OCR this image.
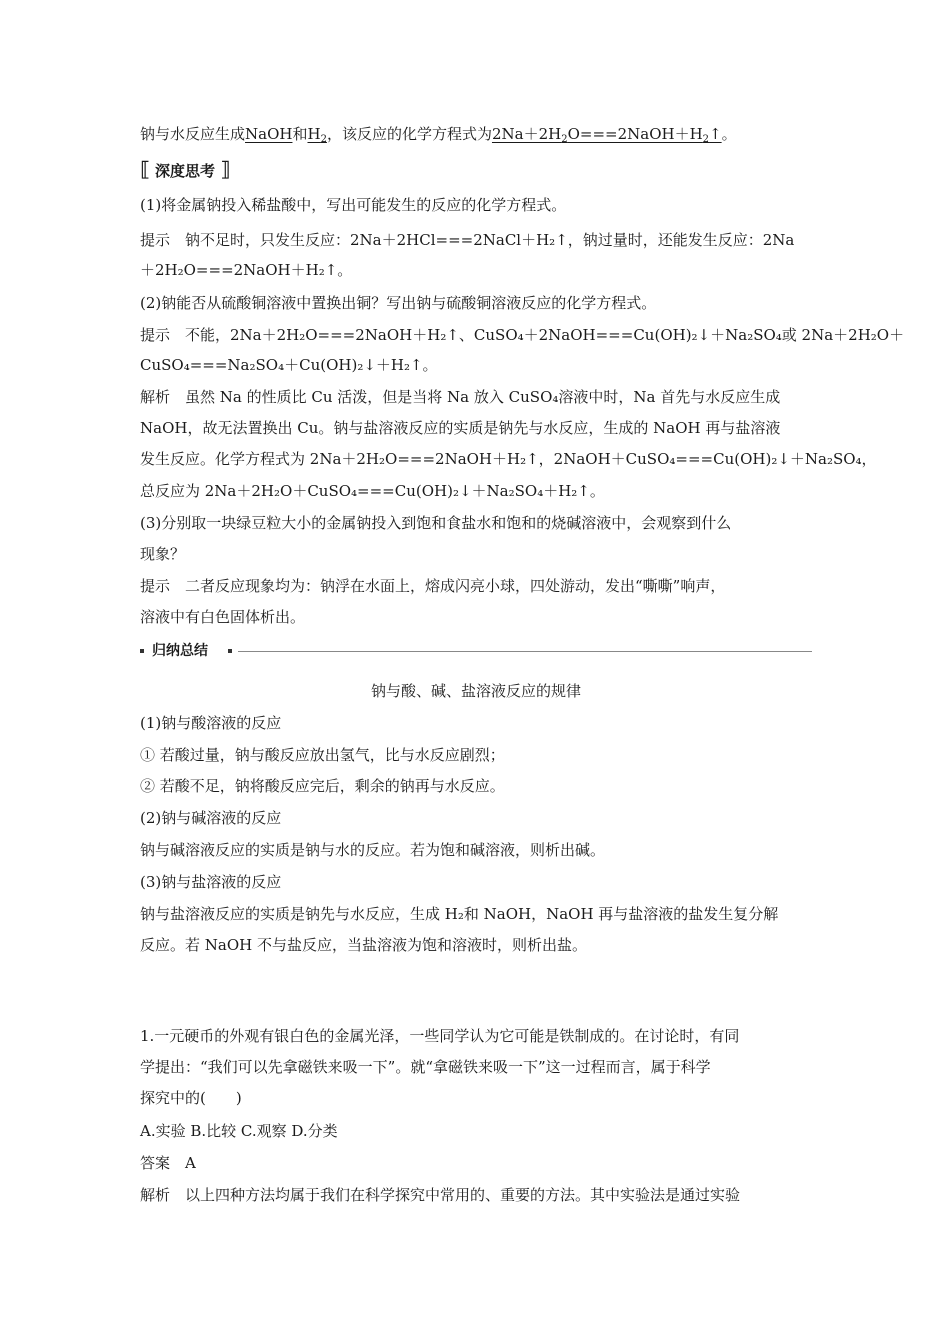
钠与水反应生成NaOH和$H_2$，该反应的化学方程式为$2Na+2H_2O===2NaOH+H_2↑$。
⟦ 深度思考 ⟧
(1)将金属钠投入稀盐酸中，写出可能发生的反应的化学方程式。
提示　钠不足时，只发生反应：2Na＋2HCl===2NaCl＋H₂↑，钠过量时，还能发生反应：2Na
＋2H₂O===2NaOH＋H₂↑。
(2)钠能否从硫酸铜溶液中置换出铜？写出钠与硫酸铜溶液反应的化学方程式。
提示　不能，2Na＋2H₂O===2NaOH＋H₂↑、CuSO₄＋2NaOH===Cu(OH)₂↓＋Na₂SO₄或 2Na＋2H₂O＋
CuSO₄===Na₂SO₄＋Cu(OH)₂↓＋H₂↑。
解析　虽然 Na 的性质比 Cu 活泼，但是当将 Na 放入 CuSO₄溶液中时，Na 首先与水反应生成
NaOH，故无法置换出 Cu。钠与盐溶液反应的实质是钠先与水反应，生成的 NaOH 再与盐溶液
发生反应。化学方程式为 2Na＋2H₂O===2NaOH＋H₂↑，2NaOH＋CuSO₄===Cu(OH)₂↓＋Na₂SO₄，
总反应为 2Na＋2H₂O＋CuSO₄===Cu(OH)₂↓＋Na₂SO₄＋H₂↑。
(3)分别取一块绿豆粒大小的金属钠投入到饱和食盐水和饱和的烧碱溶液中，会观察到什么
现象？
提示　二者反应现象均为：钠浮在水面上，熔成闪亮小球，四处游动，发出“嘶嘶”响声，
溶液中有白色固体析出。
归纳总结
钠与酸、碱、盐溶液反应的规律
(1)钠与酸溶液的反应
① 若酸过量，钠与酸反应放出氢气，比与水反应剧烈；
② 若酸不足，钠将酸反应完后，剩余的钠再与水反应。
(2)钠与碱溶液的反应
钠与碱溶液反应的实质是钠与水的反应。若为饱和碱溶液，则析出碱。
(3)钠与盐溶液的反应
钠与盐溶液反应的实质是钠先与水反应，生成 H₂和 NaOH，NaOH 再与盐溶液的盐发生复分解
反应。若 NaOH 不与盐反应，当盐溶液为饱和溶液时，则析出盐。
1.一元硬币的外观有银白色的金属光泽，一些同学认为它可能是铁制成的。在讨论时，有同
学提出：“我们可以先拿磁铁来吸一下”。就“拿磁铁来吸一下”这一过程而言，属于科学
探究中的(　　)
A.实验 B.比较 C.观察 D.分类
答案　A
解析　以上四种方法均属于我们在科学探究中常用的、重要的方法。其中实验法是通过实验
